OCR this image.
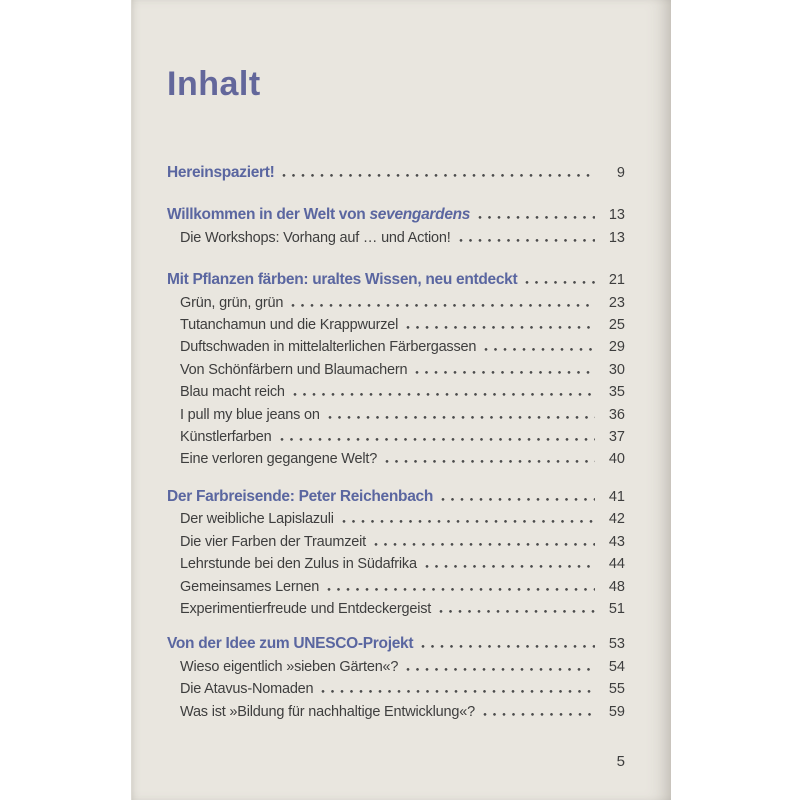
Inhalt
Hereinspaziert!	9
Willkommen in der Welt von sevengardens	13
Die Workshops: Vorhang auf … und Action!	13
Mit Pflanzen färben: uraltes Wissen, neu entdeckt	21
Grün, grün, grün	23
Tutanchamun und die Krappwurzel	25
Duftschwaden in mittelalterlichen Färbergassen	29
Von Schönfärbern und Blaumachern	30
Blau macht reich	35
I pull my blue jeans on	36
Künstlerfarben	37
Eine verloren gegangene Welt?	40
Der Farbreisende: Peter Reichenbach	41
Der weibliche Lapislazuli	42
Die vier Farben der Traumzeit	43
Lehrstunde bei den Zulus in Südafrika	44
Gemeinsames Lernen	48
Experimentierfreude und Entdeckergeist	51
Von der Idee zum UNESCO-Projekt	53
Wieso eigentlich »sieben Gärten«?	54
Die Atavus-Nomaden	55
Was ist »Bildung für nachhaltige Entwicklung«?	59
5
